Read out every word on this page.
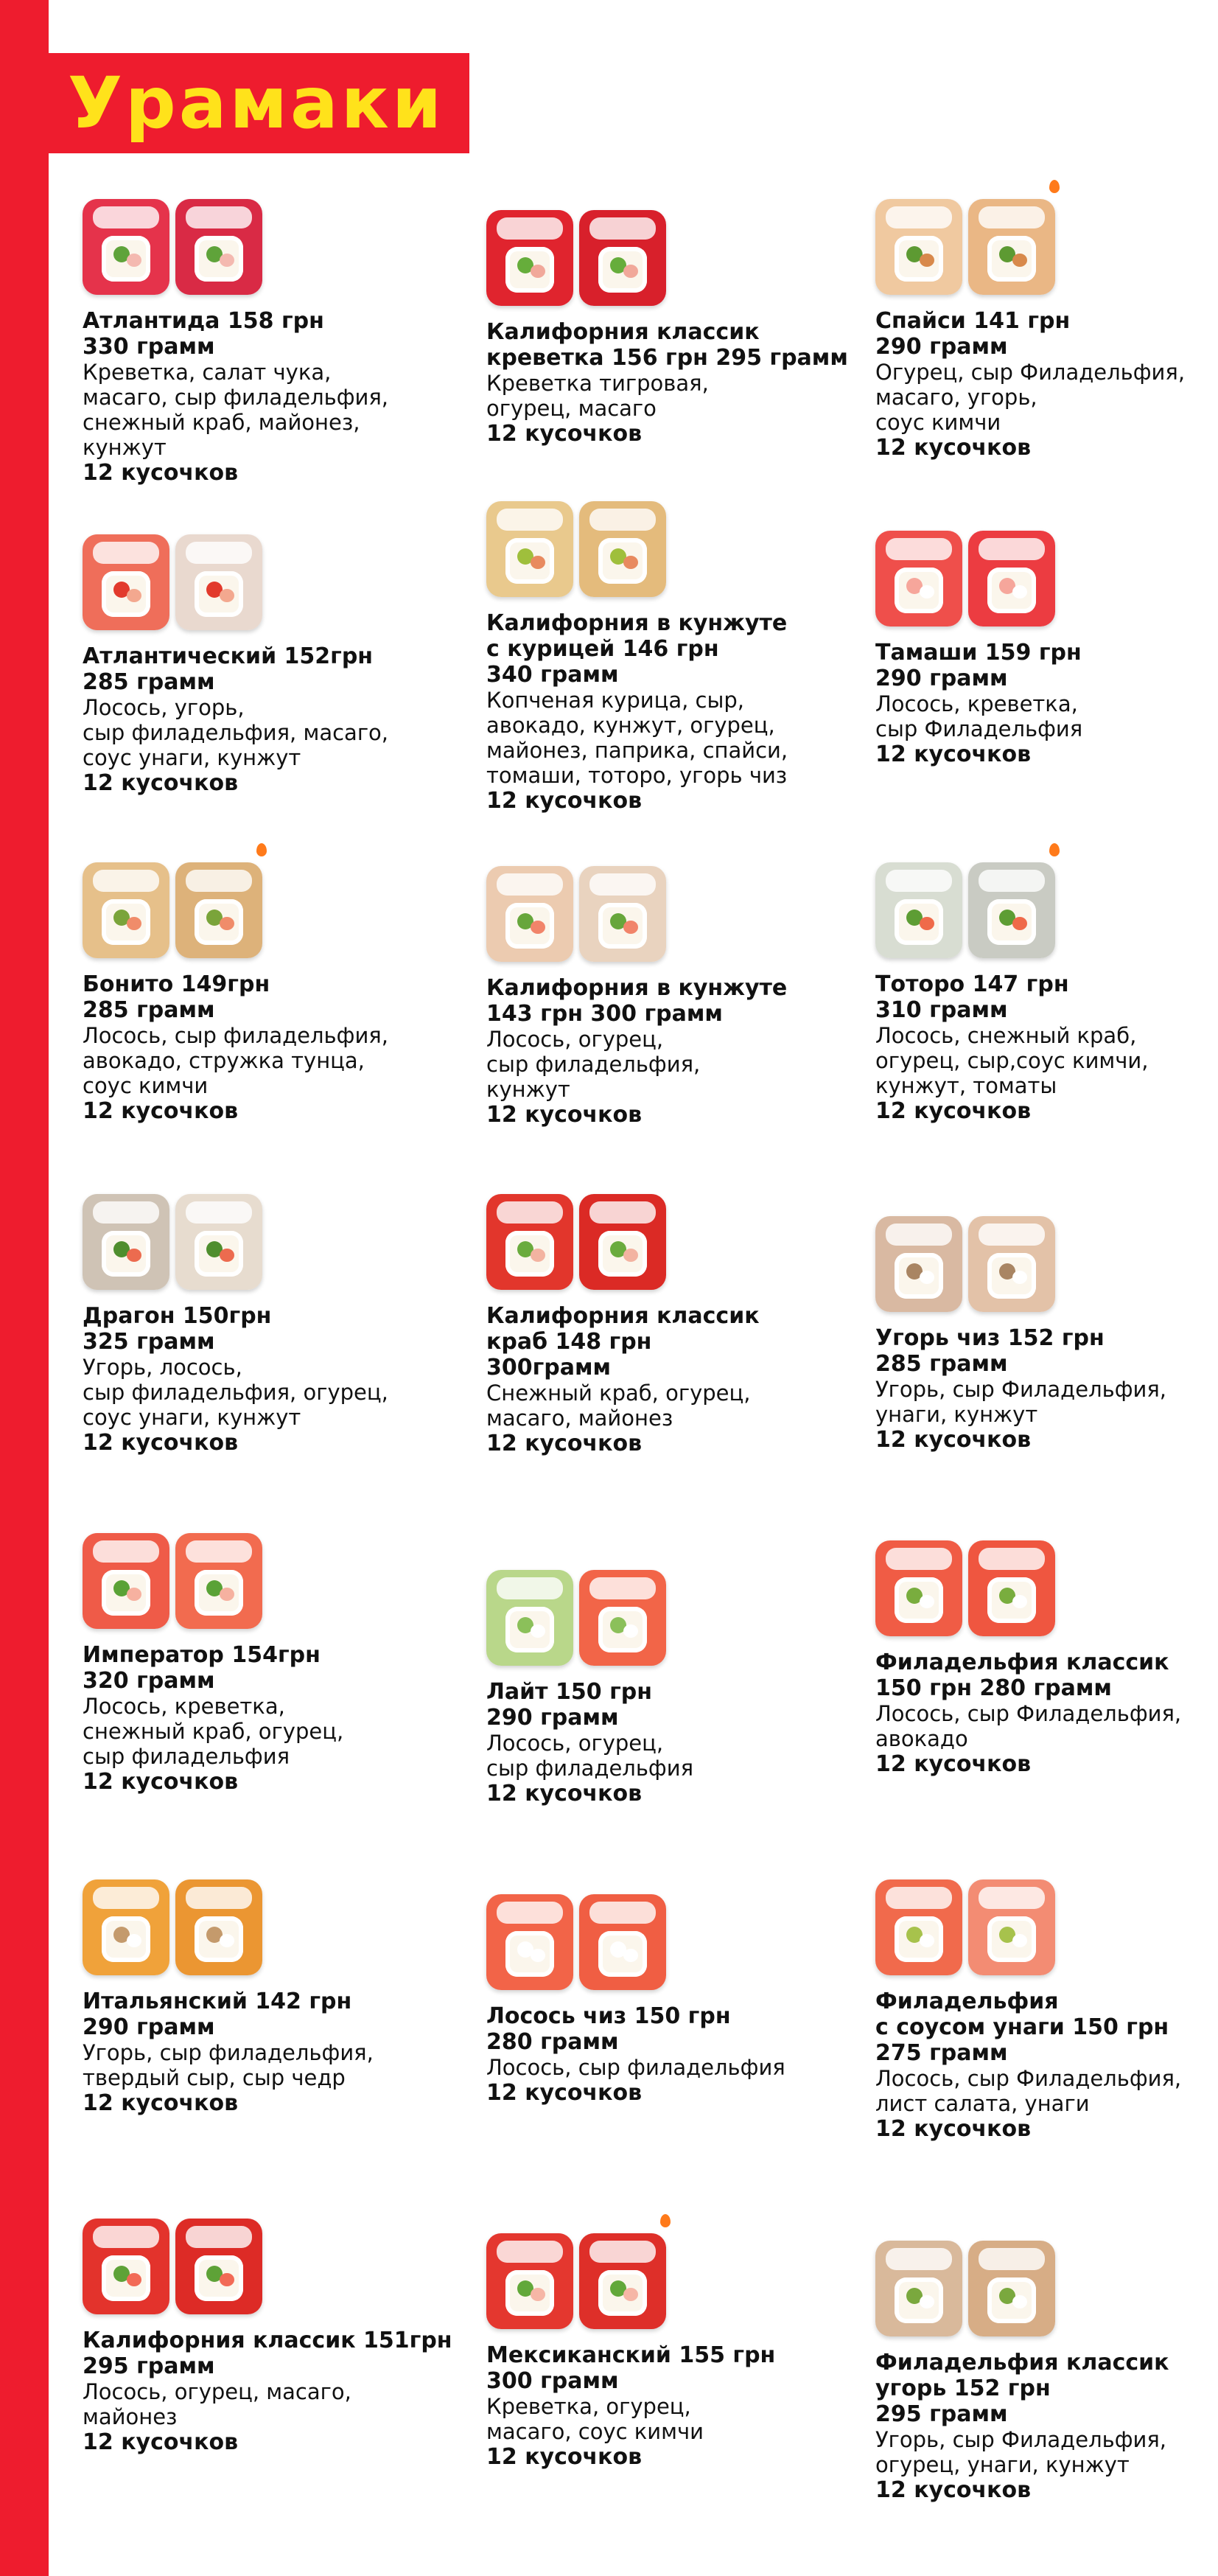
Урамаки
Атлантида 158 грн
330 грамм
Креветка, салат чука,
масаго, сыр филадельфия,
снежный краб, майонез,
кунжут
12 кусочков
Калифорния классик
креветка 156 грн 295 грамм
Креветка тигровая,
огурец, масаго
12 кусочков
Спайси 141 грн
290 грамм
Огурец, сыр Филадельфия,
масаго, угорь,
соус кимчи
12 кусочков
Атлантический 152грн
285 грамм
Лосось, угорь,
сыр филадельфия, масаго,
соус унаги, кунжут
12 кусочков
Калифорния в кунжуте
с курицей 146 грн
340 грамм
Копченая курица, сыр,
авокадо, кунжут, огурец,
майонез, паприка, спайси,
томаши, тоторо, угорь чиз
12 кусочков
Тамаши 159 грн
290 грамм
Лосось, креветка,
сыр Филадельфия
12 кусочков
Бонито 149грн
285 грамм
Лосось, сыр филадельфия,
авокадо, стружка тунца,
соус кимчи
12 кусочков
Калифорния в кунжуте
143 грн 300 грамм
Лосось, огурец,
сыр филадельфия,
кунжут
12 кусочков
Тоторо 147 грн
310 грамм
Лосось, снежный краб,
огурец, сыр,соус кимчи,
кунжут, томаты
12 кусочков
Драгон 150грн
325 грамм
Угорь, лосось,
сыр филадельфия, огурец,
соус унаги, кунжут
12 кусочков
Калифорния классик
краб 148 грн
300грамм
Снежный краб, огурец,
масаго, майонез
12 кусочков
Угорь чиз 152 грн
285 грамм
Угорь, сыр Филадельфия,
унаги, кунжут
12 кусочков
Император 154грн
320 грамм
Лосось, креветка,
снежный краб, огурец,
сыр филадельфия
12 кусочков
Лайт 150 грн
290 грамм
Лосось, огурец,
сыр филадельфия
12 кусочков
Филадельфия классик
150 грн 280 грамм
Лосось, сыр Филадельфия,
авокадо
12 кусочков
Итальянский 142 грн
290 грамм
Угорь, сыр филадельфия,
твердый сыр, сыр чедр
12 кусочков
Лосось чиз 150 грн
280 грамм
Лосось, сыр филадельфия
12 кусочков
Филадельфия
с соусом унаги 150 грн
275 грамм
Лосось, сыр Филадельфия,
лист салата, унаги
12 кусочков
Калифорния классик 151грн
295 грамм
Лосось, огурец, масаго,
майонез
12 кусочков
Мексиканский 155 грн
300 грамм
Креветка, огурец,
масаго, соус кимчи
12 кусочков
Филадельфия классик
угорь 152 грн
295 грамм
Угорь, сыр Филадельфия,
огурец, унаги, кунжут
12 кусочков
